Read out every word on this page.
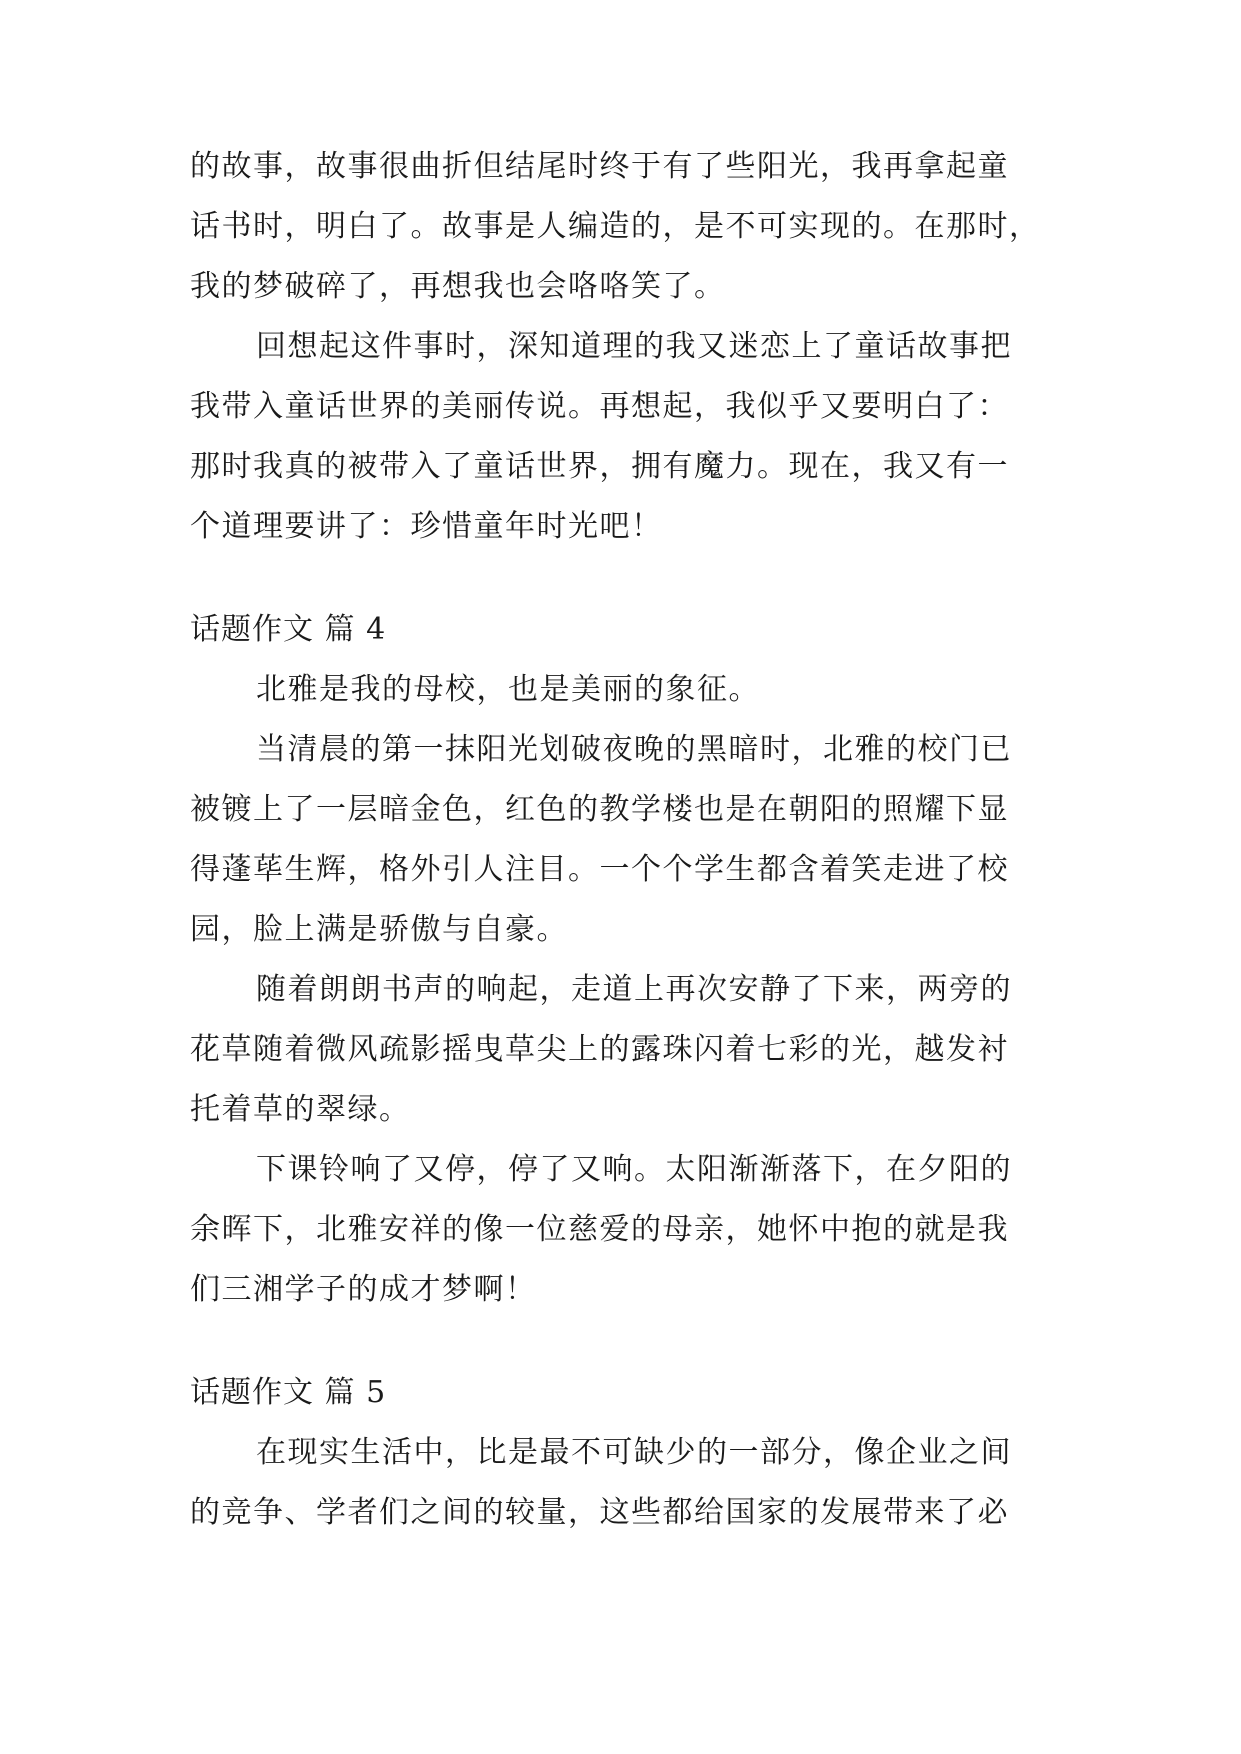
的故事，故事很曲折但结尾时终于有了些阳光，我再拿起童
话书时，明白了。故事是人编造的，是不可实现的。在那时，
我的梦破碎了，再想我也会咯咯笑了。
回想起这件事时，深知道理的我又迷恋上了童话故事把
我带入童话世界的美丽传说。再想起，我似乎又要明白了：
那时我真的被带入了童话世界，拥有魔力。现在，我又有一
个道理要讲了：珍惜童年时光吧！
话题作文 篇 4
北雅是我的母校，也是美丽的象征。
当清晨的第一抹阳光划破夜晚的黑暗时，北雅的校门已
被镀上了一层暗金色，红色的教学楼也是在朝阳的照耀下显
得蓬荜生辉，格外引人注目。一个个学生都含着笑走进了校
园，脸上满是骄傲与自豪。
随着朗朗书声的响起，走道上再次安静了下来，两旁的
花草随着微风疏影摇曳草尖上的露珠闪着七彩的光，越发衬
托着草的翠绿。
下课铃响了又停，停了又响。太阳渐渐落下，在夕阳的
余晖下，北雅安祥的像一位慈爱的母亲，她怀中抱的就是我
们三湘学子的成才梦啊！
话题作文 篇 5
在现实生活中，比是最不可缺少的一部分，像企业之间
的竞争、学者们之间的较量，这些都给国家的发展带来了必
